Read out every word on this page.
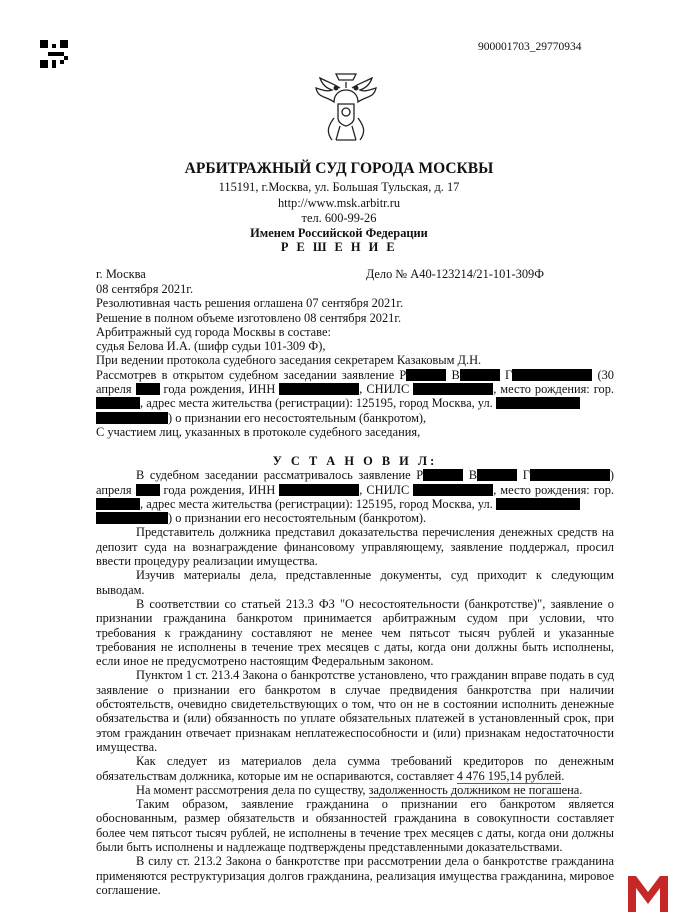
900001703_29770934
АРБИТРАЖНЫЙ СУД ГОРОДА МОСКВЫ
115191, г.Москва, ул. Большая Тульская, д. 17
http://www.msk.arbitr.ru
тел. 600-99-26
Именем Российской Федерации
Р Е Ш Е Н И Е
г. Москва	Дело № А40-123214/21-101-309Ф

08 сентября 2021г.

Резолютивная часть решения оглашена 07 сентября 2021г.

Решение в полном объеме изготовлено 08 сентября 2021г.

Арбитражный суд города Москвы в составе:

судья Белова И.А. (шифр судьи 101-309 Ф),

При ведении протокола судебного заседания секретарем Казаковым Д.Н.

Рассмотрев в открытом судебном заседании заявление Р	В	Г	(30 апреля  года рождения, ИНН	, СНИЛС	, место рождения: гор. , адрес места жительства (регистрации): 125195, город Москва, ул.
) о признании его несостоятельным (банкротом),

С участием лиц, указанных в протоколе судебного заседания,

У С Т А Н О В И Л:

В судебном заседании рассматривалось заявление Р	В	Г	) апреля  года рождения, ИНН	, СНИЛС	, место рождения: гор. , адрес места жительства (регистрации): 125195, город Москва, ул.
) о признании его несостоятельным (банкротом).

Представитель должника представил доказательства перечисления денежных средств на депозит суда на вознаграждение финансовому управляющему, заявление поддержал, просил ввести процедуру реализации имущества.

Изучив материалы дела, представленные документы, суд приходит к следующим выводам.

В соответствии со статьей 213.3 ФЗ "О несостоятельности (банкротстве)", заявление о признании гражданина банкротом принимается арбитражным судом при условии, что требования к гражданину составляют не менее чем пятьсот тысяч рублей и указанные требования не исполнены в течение трех месяцев с даты, когда они должны быть исполнены, если иное не предусмотрено настоящим Федеральным законом.

Пунктом 1 ст. 213.4 Закона о банкротстве установлено, что гражданин вправе подать в суд заявление о признании его банкротом в случае предвидения банкротства при наличии обстоятельств, очевидно свидетельствующих о том, что он не в состоянии исполнить денежные обязательства и (или) обязанность по уплате обязательных платежей в установленный срок, при этом гражданин отвечает признакам неплатежеспособности и (или) признакам недостаточности имущества.

Как следует из материалов дела сумма требований кредиторов по денежным обязательствам должника, которые им не оспариваются, составляет 4 476 195,14 рублей.

На момент рассмотрения дела по существу, задолженность должником не погашена.

Таким образом, заявление гражданина о признании его банкротом является обоснованным, размер обязательств и обязанностей гражданина в совокупности составляет более чем пятьсот тысяч рублей, не исполнены в течение трех месяцев с даты, когда они должны были быть исполнены и надлежаще подтверждены представленными доказательствами.

В силу ст. 213.2 Закона о банкротстве при рассмотрении дела о банкротстве гражданина применяются реструктуризация долгов гражданина, реализация имущества гражданина, мировое соглашение.
